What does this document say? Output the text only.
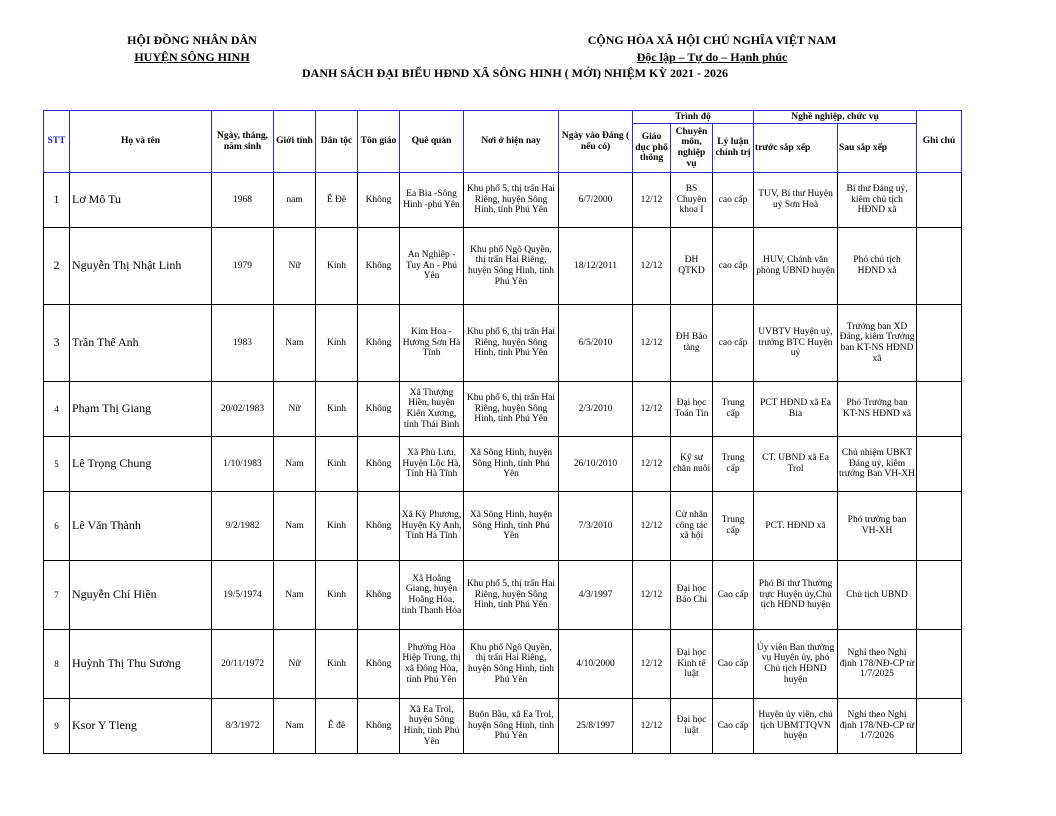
HỘI ĐỒNG NHÂN DÂN
HUYỆN SÔNG HINH
CỘNG HÒA XÃ HỘI CHỦ NGHĨA VIỆT NAM
Độc lập – Tự do – Hạnh phúc
DANH SÁCH ĐẠI BIỂU HĐND XÃ SÔNG HINH ( MỚI) NHIỆM KỲ 2021 - 2026
STT	Họ và tên	Ngày, tháng, năm sinh	Giới tính	Dân tộc	Tôn giáo	Quê quán	Nơi ở hiện nay	Ngày vào Đảng ( nếu có)	Trình độ			Nghề nghiệp, chức vụ		Ghi chú
									Giáo dục phổ thông	Chuyên môn, nghiệp vụ	Lý luận chính trị	trước sắp xếp	Sau sắp xếp	
1	Lơ Mô Tu	1968	nam	Ê Đê	Không	Ea Bia -Sông Hinh -phú Yên	Khu phố 5, thị trấn Hai Riêng, huyện Sông Hinh, tỉnh Phú Yên	6/7/2000	12/12	BS Chuyên khoa I	cao cấp	TUV, Bí thư Huyện uỷ Sơn Hoà	Bí thư Đảng uỷ, kiêm chủ tịch HĐND xã	
2	Nguyễn Thị Nhật Linh	1979	Nữ	Kinh	Không	An Nghiệp - Tuy An - Phú Yên	Khu phố Ngô Quyền, thị trấn Hai Riêng, huyện Sông Hinh, tỉnh Phú Yên	18/12/2011	12/12	ĐH QTKD	cao cấp	HUV, Chánh văn phòng UBND huyện	Phó chủ tịch HĐND xã	
3	Trần Thế Anh	1983	Nam	Kinh	Không	Kim Hoa - Hương Sơn Hà Tĩnh	Khu phố 6, thị trấn Hai Riêng, huyện Sông Hinh, tỉnh Phú Yên	6/5/2010	12/12	ĐH Bảo tàng	cao cấp	UVBTV Huyện uỷ, trưởng BTC Huyện uỷ	Trưởng ban XD Đảng, kiêm Trưởng ban KT-NS HĐND xã	
4	Phạm Thị Giang	20/02/1983	Nữ	Kinh	Không	Xã Thượng Hiền, huyện Kiến Xương, tỉnh Thái Bình	Khu phố 6, thị trấn Hai Riêng, huyện Sông Hinh, tỉnh Phú Yên	2/3/2010	12/12	Đại học Toán Tin	Trung cấp	PCT HĐND xã Ea Bia	Phó Trưởng ban KT-NS HĐND xã	
5	Lê Trọng Chung	1/10/1983	Nam	Kinh	Không	Xã Phù Lưu, Huyện Lộc Hà, Tỉnh Hà Tĩnh	Xã Sông Hinh, huyện Sông Hinh, tỉnh Phú Yên	26/10/2010	12/12	Kỹ sư chăn nuôi	Trung cấp	CT. UBND xã Ea Trol	Chủ nhiệm UBKT Đảng uỷ, kiêm trưởng Ban VH-XH	
6	Lê Văn Thành	9/2/1982	Nam	Kinh	Không	Xã Kỳ Phương, Huyện Kỳ Anh, Tỉnh Hà Tĩnh	Xã Sông Hinh, huyện Sông Hinh, tỉnh Phú Yên	7/3/2010	12/12	Cử nhân công tác xã hội	Trung cấp	PCT. HĐND xã	Phó trưởng ban VH-XH	
7	Nguyễn Chí Hiền	19/5/1974	Nam	Kinh	Không	Xã Hoằng Giang, huyện Hoằng Hóa, tỉnh Thanh Hóa	Khu phố 5, thị trấn Hai Riêng, huyện Sông Hinh, tỉnh Phú Yên	4/3/1997	12/12	Đại học Báo Chí	Cao cấp	Phó Bí thư Thường trực Huyện ủy,Chủ tịch HĐND huyện	Chủ tịch UBND	
8	Huỳnh Thị Thu Sương	20/11/1972	Nữ	Kinh	Không	Phường Hòa Hiệp Trung, thị xã Đông Hòa, tỉnh Phú Yên	Khu phố Ngô Quyền, thị trấn Hai Riêng, huyện Sông Hinh, tỉnh Phú Yên	4/10/2000	12/12	Đại học Kinh tế luật	Cao cấp	Ủy viên Ban thường vụ Huyện ủy, phó Chủ tịch HĐND huyện	Nghỉ theo Nghị định 178/NĐ-CP từ 1/7/2025	
9	Ksor Y Tleng	8/3/1972	Nam	Ê đê	Không	Xã Ea Trol, huyện Sông Hinh, tỉnh Phú Yên	Buôn Bầu, xã Ea Trol, huyện Sông Hinh, tỉnh Phú Yên	25/8/1997	12/12	Đại học luật	Cao cấp	Huyện ủy viên, chủ tịch UBMTTQVN huyện	Nghỉ theo Nghị định 178/NĐ-CP từ 1/7/2026	
